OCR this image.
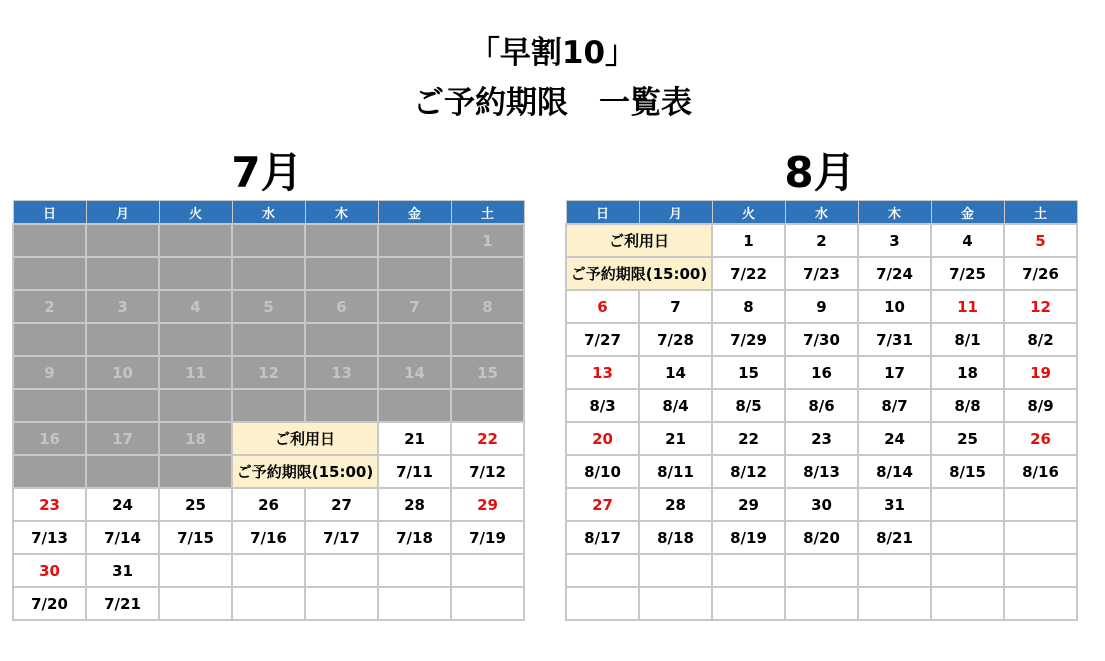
「早割10」
ご予約期限　一覧表
7月	8月
日	月	火	水	木	金	土
						1

2	3	4	5	6	7	8

9	10	11	12	13	14	15

16	17	18	ご利用日		21	22
			ご予約期限(15:00)		7/11	7/12
23	24	25	26	27	28	29
7/13	7/14	7/15	7/16	7/17	7/18	7/19
30	31					
7/20	7/21					
日	月	火	水	木	金	土
ご利用日		1	2	3	4	5
ご予約期限(15:00)		7/22	7/23	7/24	7/25	7/26
6	7	8	9	10	11	12
7/27	7/28	7/29	7/30	7/31	8/1	8/2
13	14	15	16	17	18	19
8/3	8/4	8/5	8/6	8/7	8/8	8/9
20	21	22	23	24	25	26
8/10	8/11	8/12	8/13	8/14	8/15	8/16
27	28	29	30	31		
8/17	8/18	8/19	8/20	8/21		
